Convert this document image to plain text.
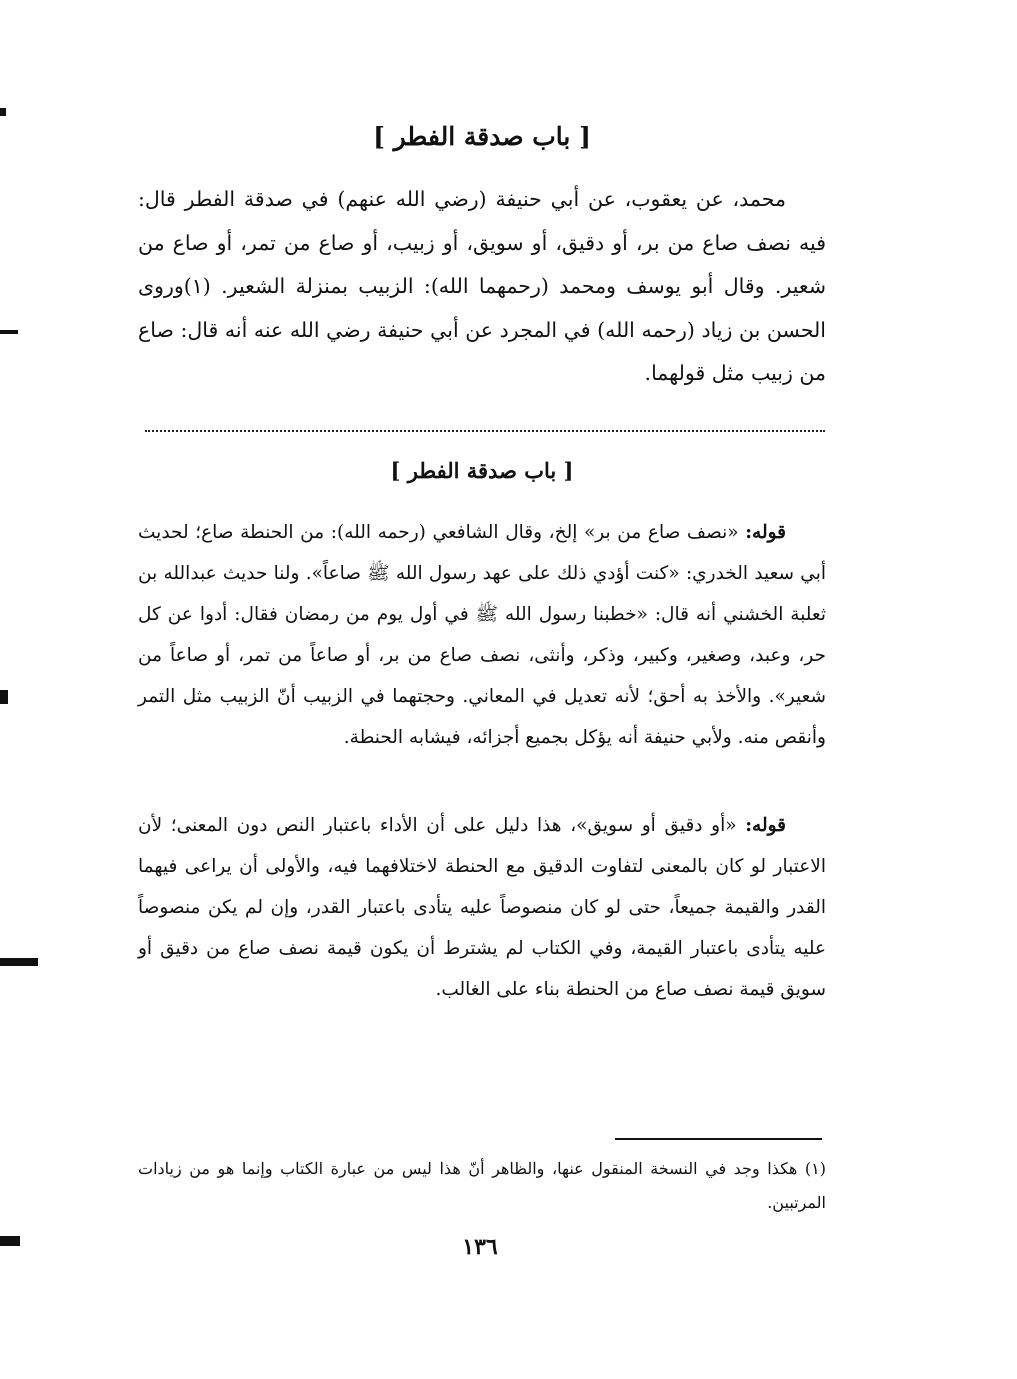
[ باب صدقة الفطر ]
محمد، عن يعقوب، عن أبي حنيفة (رضي الله عنهم) في صدقة الفطر قال: فيه نصف صاع من بر، أو دقيق، أو سويق، أو زبيب، أو صاع من تمر، أو صاع من شعير. وقال أبو يوسف ومحمد (رحمهما الله): الزبيب بمنزلة الشعير. (١)وروى الحسن بن زياد (رحمه الله) في المجرد عن أبي حنيفة رضي الله عنه أنه قال: صاع من زبيب مثل قولهما.
[ باب صدقة الفطر ]
قوله: «نصف صاع من بر» إلخ، وقال الشافعي (رحمه الله): من الحنطة صاع؛ لحديث أبي سعيد الخدري: «كنت أؤدي ذلك على عهد رسول الله ﷺ صاعاً». ولنا حديث عبدالله بن ثعلبة الخشني أنه قال: «خطبنا رسول الله ﷺ في أول يوم من رمضان فقال: أدوا عن كل حر، وعبد، وصغير، وكبير، وذكر، وأنثى، نصف صاع من بر، أو صاعاً من تمر، أو صاعاً من شعير». والأخذ به أحق؛ لأنه تعديل في المعاني. وحجتهما في الزبيب أنّ الزبيب مثل التمر وأنقص منه. ولأبي حنيفة أنه يؤكل بجميع أجزائه، فيشابه الحنطة.
قوله: «أو دقيق أو سويق»، هذا دليل على أن الأداء باعتبار النص دون المعنى؛ لأن الاعتبار لو كان بالمعنى لتفاوت الدقيق مع الحنطة لاختلافهما فيه، والأولى أن يراعى فيهما القدر والقيمة جميعاً، حتى لو كان منصوصاً عليه يتأدى باعتبار القدر، وإن لم يكن منصوصاً عليه يتأدى باعتبار القيمة، وفي الكتاب لم يشترط أن يكون قيمة نصف صاع من دقيق أو سويق قيمة نصف صاع من الحنطة بناء على الغالب.
(١) هكذا وجد في النسخة المنقول عنها، والظاهر أنّ هذا ليس من عبارة الكتاب وإنما هو من زيادات المرتبين.
١٣٦
